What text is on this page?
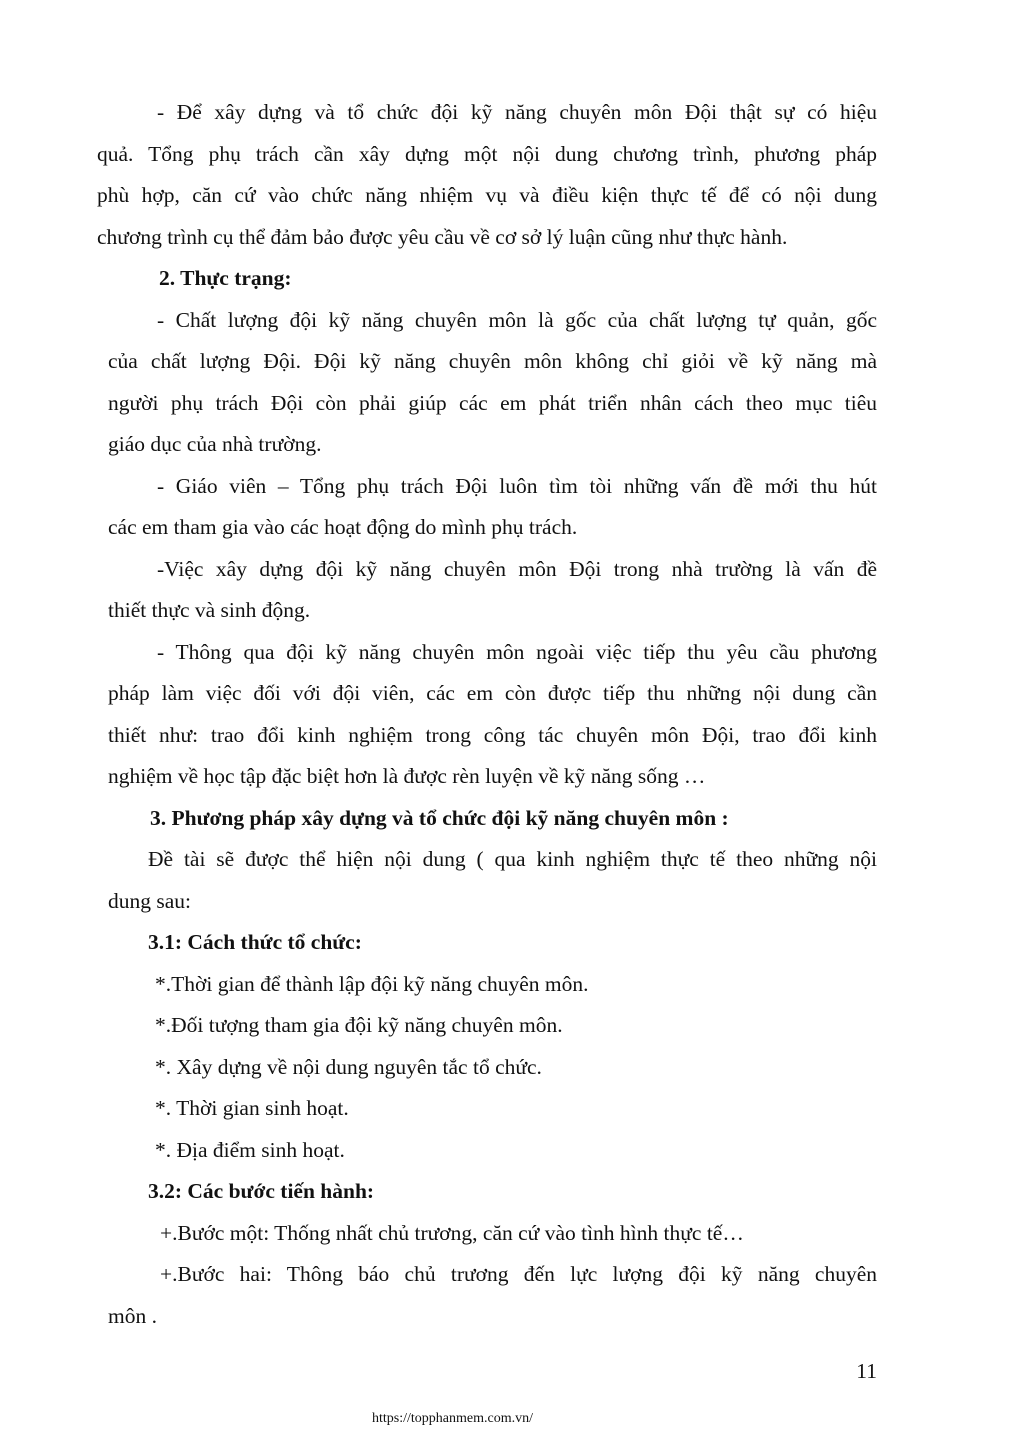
- Để xây dựng và tổ chức đội kỹ năng chuyên môn Đội thật sự có hiệu
quả. Tổng phụ trách cần xây dựng một nội dung chương trình, phương pháp
phù hợp, căn cứ vào chức năng nhiệm vụ và điều kiện thực tế để có nội dung
chương trình cụ thể đảm bảo được yêu cầu về cơ sở lý luận cũng như thực hành.
2. Thực trạng:
- Chất lượng đội kỹ năng chuyên môn là gốc của chất lượng tự quản, gốc
của chất lượng Đội. Đội kỹ năng chuyên môn không chỉ giỏi về kỹ năng mà
người phụ trách Đội còn phải giúp các em phát triển nhân cách theo mục tiêu
giáo dục của nhà trường.
- Giáo viên – Tổng phụ trách Đội luôn tìm tòi những vấn đề mới thu hút
các em tham gia vào các hoạt động do mình phụ trách.
-Việc xây dựng đội kỹ năng chuyên môn Đội trong nhà trường là vấn đề
thiết thực và sinh động.
- Thông qua đội kỹ năng chuyên môn ngoài việc tiếp thu yêu cầu phương
pháp làm việc đối với đội viên, các em còn được tiếp thu những nội dung cần
thiết như: trao đổi kinh nghiệm trong công tác chuyên môn Đội, trao đổi kinh
nghiệm về học tập đặc biệt hơn là được rèn luyện về kỹ năng sống …
3. Phương pháp xây dựng và tổ chức đội kỹ năng chuyên môn :
Đề tài sẽ được thể hiện nội dung ( qua kinh nghiệm thực tế theo những nội
dung sau:
3.1: Cách thức tổ chức:
*.Thời gian để thành lập đội kỹ năng chuyên môn.
*.Đối tượng tham gia đội kỹ năng chuyên môn.
*. Xây dựng về nội dung nguyên tắc tổ chức.
*. Thời gian sinh hoạt.
*. Địa điểm sinh hoạt.
3.2: Các bước tiến hành:
+.Bước một: Thống nhất chủ trương, căn cứ vào tình hình thực tế…
+.Bước hai: Thông báo chủ trương đến lực lượng đội kỹ năng chuyên
môn .
11
https://topphanmem.com.vn/
